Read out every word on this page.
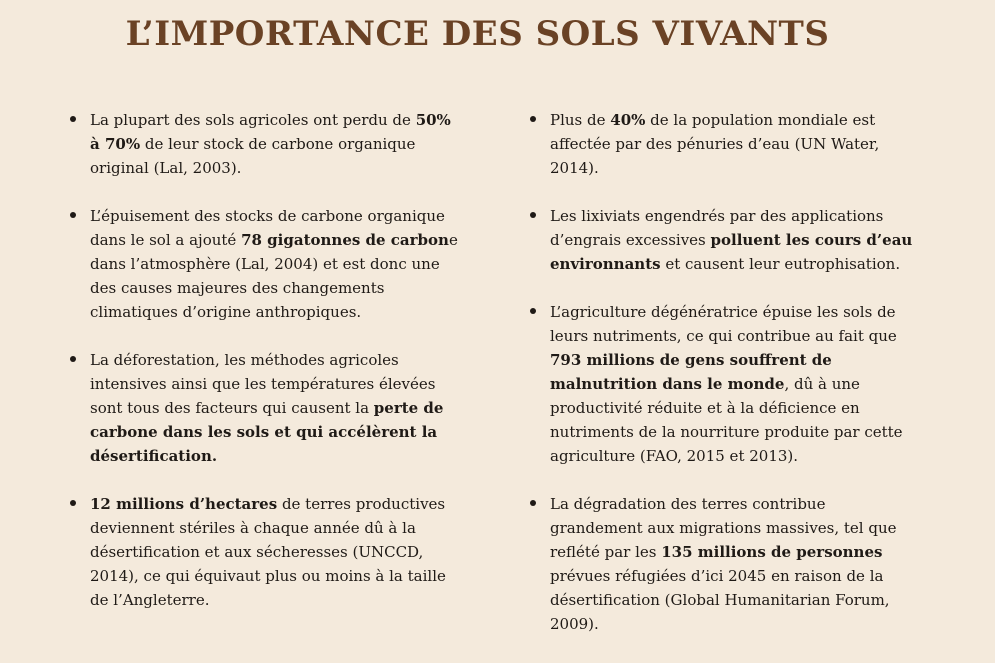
L’IMPORTANCE DES SOLS VIVANTS
La plupart des sols agricoles ont perdu de 50% à 70% de leur stock de carbone organique original (Lal, 2003).
L’épuisement des stocks de carbone organique dans le sol a ajouté 78 gigatonnes de carbone dans l’atmosphère (Lal, 2004) et est donc une des causes majeures des changements climatiques d’origine anthropiques.
La déforestation, les méthodes agricoles intensives ainsi que les températures élevées sont tous des facteurs qui causent la perte de carbone dans les sols et qui accélèrent la désertification.
12 millions d’hectares de terres productives deviennent stériles à chaque année dû à la désertification et aux sécheresses (UNCCD, 2014), ce qui équivaut plus ou moins à la taille de l’Angleterre.
Plus de 40% de la population mondiale est affectée par des pénuries d’eau (UN Water, 2014).
Les lixiviats engendrés par des applications d’engrais excessives polluent les cours d’eau environnants et causent leur eutrophisation.
L’agriculture dégénératrice épuise les sols de leurs nutriments, ce qui contribue au fait que 793 millions de gens souffrent de malnutrition dans le monde, dû à une productivité réduite et à la déficience en nutriments de la nourriture produite par cette agriculture (FAO, 2015 et 2013).
La dégradation des terres contribue grandement aux migrations massives, tel que reflété par les 135 millions de personnes prévues réfugiées d’ici 2045 en raison de la désertification (Global Humanitarian Forum, 2009).
